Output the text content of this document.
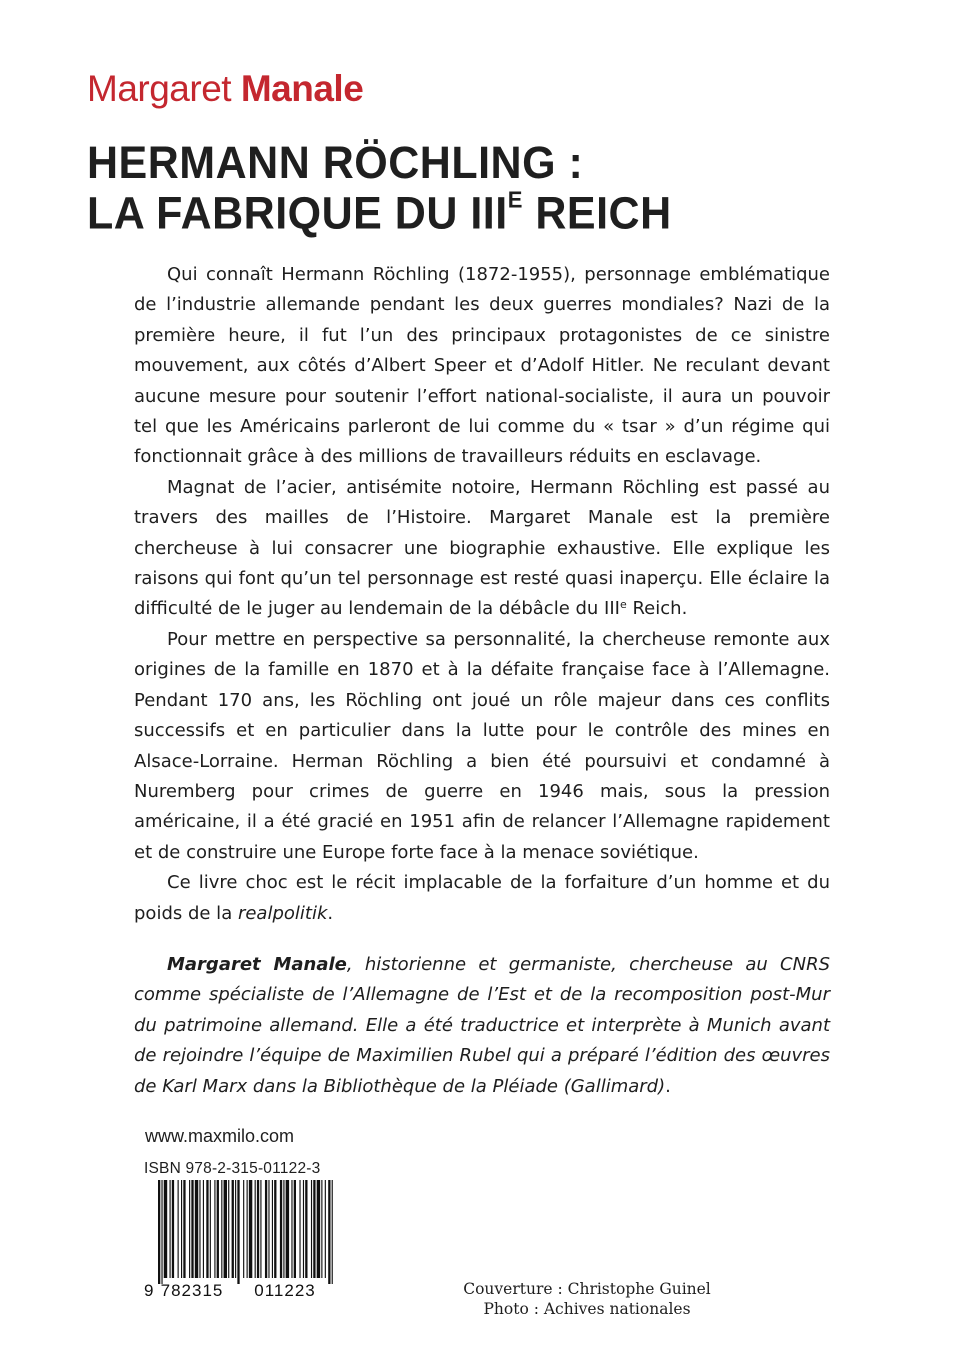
Margaret Manale
HERMANN RÖCHLING :
LA FABRIQUE DU $III^E$ REICH

Qui connaît Hermann Röchling (1872-1955), personnage emblématique de l’industrie allemande pendant les deux guerres mondiales? Nazi de la première heure, il fut l’un des principaux protagonistes de ce sinistre mouvement, aux côtés d’Albert Speer et d’Adolf Hitler. Ne reculant devant aucune mesure pour soutenir l’effort national-socialiste, il aura un pouvoir tel que les Américains parleront de lui comme du « tsar » d’un régime qui fonctionnait grâce à des millions de travailleurs réduits en esclavage.

Magnat de l’acier, antisémite notoire, Hermann Röchling est passé au travers des mailles de l’Histoire. Margaret Manale est la première chercheuse à lui consacrer une biographie exhaustive. Elle explique les raisons qui font qu’un tel personnage est resté quasi inaperçu. Elle éclaire la difficulté de le juger au lendemain de la débâcle du IIIe Reich.

Pour mettre en perspective sa personnalité, la chercheuse remonte aux origines de la famille en 1870 et à la défaite française face à l’Allemagne. Pendant 170 ans, les Röchling ont joué un rôle majeur dans ces conflits successifs et en particulier dans la lutte pour le contrôle des mines en Alsace-Lorraine. Herman Röchling a bien été poursuivi et condamné à Nuremberg pour crimes de guerre en 1946 mais, sous la pression américaine, il a été gracié en 1951 afin de relancer l’Allemagne rapidement et de construire une Europe forte face à la menace soviétique.

Ce livre choc est le récit implacable de la forfaiture d’un homme et du poids de la realpolitik.

Margaret Manale, historienne et germaniste, chercheuse au CNRS comme spécialiste de l’Allemagne de l’Est et de la recomposition post-Mur du patrimoine allemand. Elle a été traductrice et interprète à Munich avant de rejoindre l’équipe de Maximilien Rubel qui a préparé l’édition des œuvres de Karl Marx dans la Bibliothèque de la Pléiade (Gallimard).

www.maxmilo.com
ISBN 978-2-315-01122-3
9 782315 011223	Couverture : Christophe Guinel
Photo : Achives nationales
